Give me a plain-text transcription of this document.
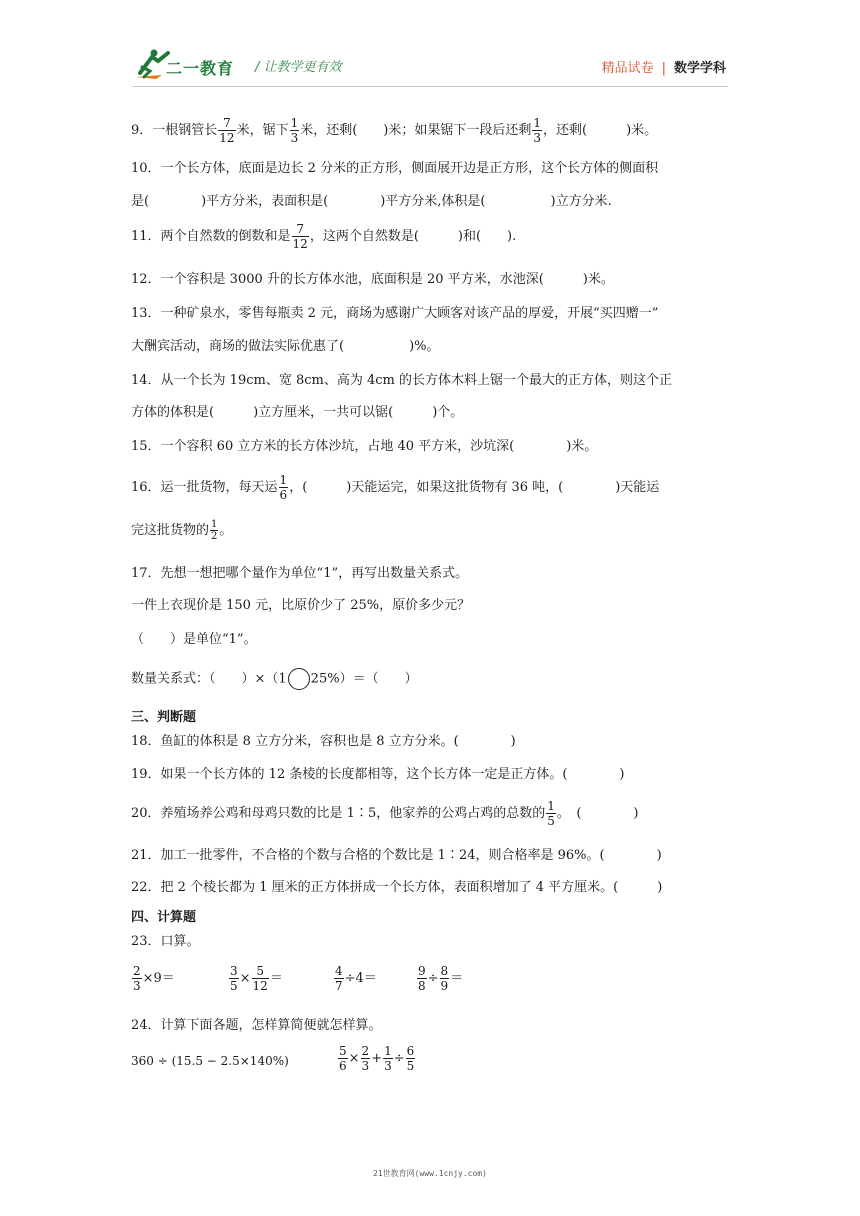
二一教育 / 让教学更有效	精品试卷 | 数学学科
9．一根钢管长 $\frac{7}{12}$ 米，锯下 $\frac{1}{3}$ 米，还剩(　　)米；如果锯下一段后还剩 $\frac{1}{3}$ ，还剩(　　　)米。
10．一个长方体，底面是边长 2 分米的正方形，侧面展开边是正方形，这个长方体的侧面积
是(　　　　)平方分米，表面积是(　　　　)平方分米,体积是(　　　　　)立方分米.
11．两个自然数的倒数和是 $\frac{7}{12}$ ，这两个自然数是(　　　)和(　　).
12．一个容积是 3000 升的长方体水池，底面积是 20 平方米，水池深(　　　)米。
13．一种矿泉水，零售每瓶卖 2 元，商场为感谢广大顾客对该产品的厚爱，开展“买四赠一”
大酬宾活动，商场的做法实际优惠了(　　　　　)%。
14．从一个长为 19cm、宽 8cm、高为 4cm 的长方体木料上锯一个最大的正方体，则这个正
方体的体积是(　　　)立方厘米，一共可以锯(　　　)个。
15．一个容积 60 立方米的长方体沙坑，占地 40 平方米，沙坑深(　　　　)米。
16．运一批货物，每天运 $\frac{1}{6}$ ，(　　　)天能运完，如果这批货物有 36 吨，(　　　　)天能运
完这批货物的 $\frac{1}{2}$ 。
17．先想一想把哪个量作为单位“1”，再写出数量关系式。
一件上衣现价是 150 元，比原价少了 25%，原价多少元？
（　　）是单位“1”。
数量关系式：（　　）×（1 25%）＝（　　）
三、判断题
18．鱼缸的体积是 8 立方分米，容积也是 8 立方分米。(　　　　)
19．如果一个长方体的 12 条棱的长度都相等，这个长方体一定是正方体。(　　　　)
20．养殖场养公鸡和母鸡只数的比是 1∶5，他家养的公鸡占鸡的总数的 $\frac{1}{5}$ 。　(　　　　)
21．加工一批零件，不合格的个数与合格的个数比是 1∶24，则合格率是 96%。(　　　　)
22．把 2 个棱长都为 1 厘米的正方体拼成一个长方体，表面积增加了 4 平方厘米。(　　　)
四、计算题
23．口算。
$\frac{2}{3} \times 9=$	$\frac{3}{5} \times \frac{5}{12}$ ＝	$\frac{4}{7} \div 4=$	$\frac{9}{8} \div \frac{8}{9}$ ＝
24．计算下面各题，怎样算简便就怎样算。
360 ÷ (15.5 − 2.5×140%)	$\frac{5}{6} \times \frac{2}{3} + \frac{1}{3} \div \frac{6}{5}$
21世教育网(www.1cnjy.com)
